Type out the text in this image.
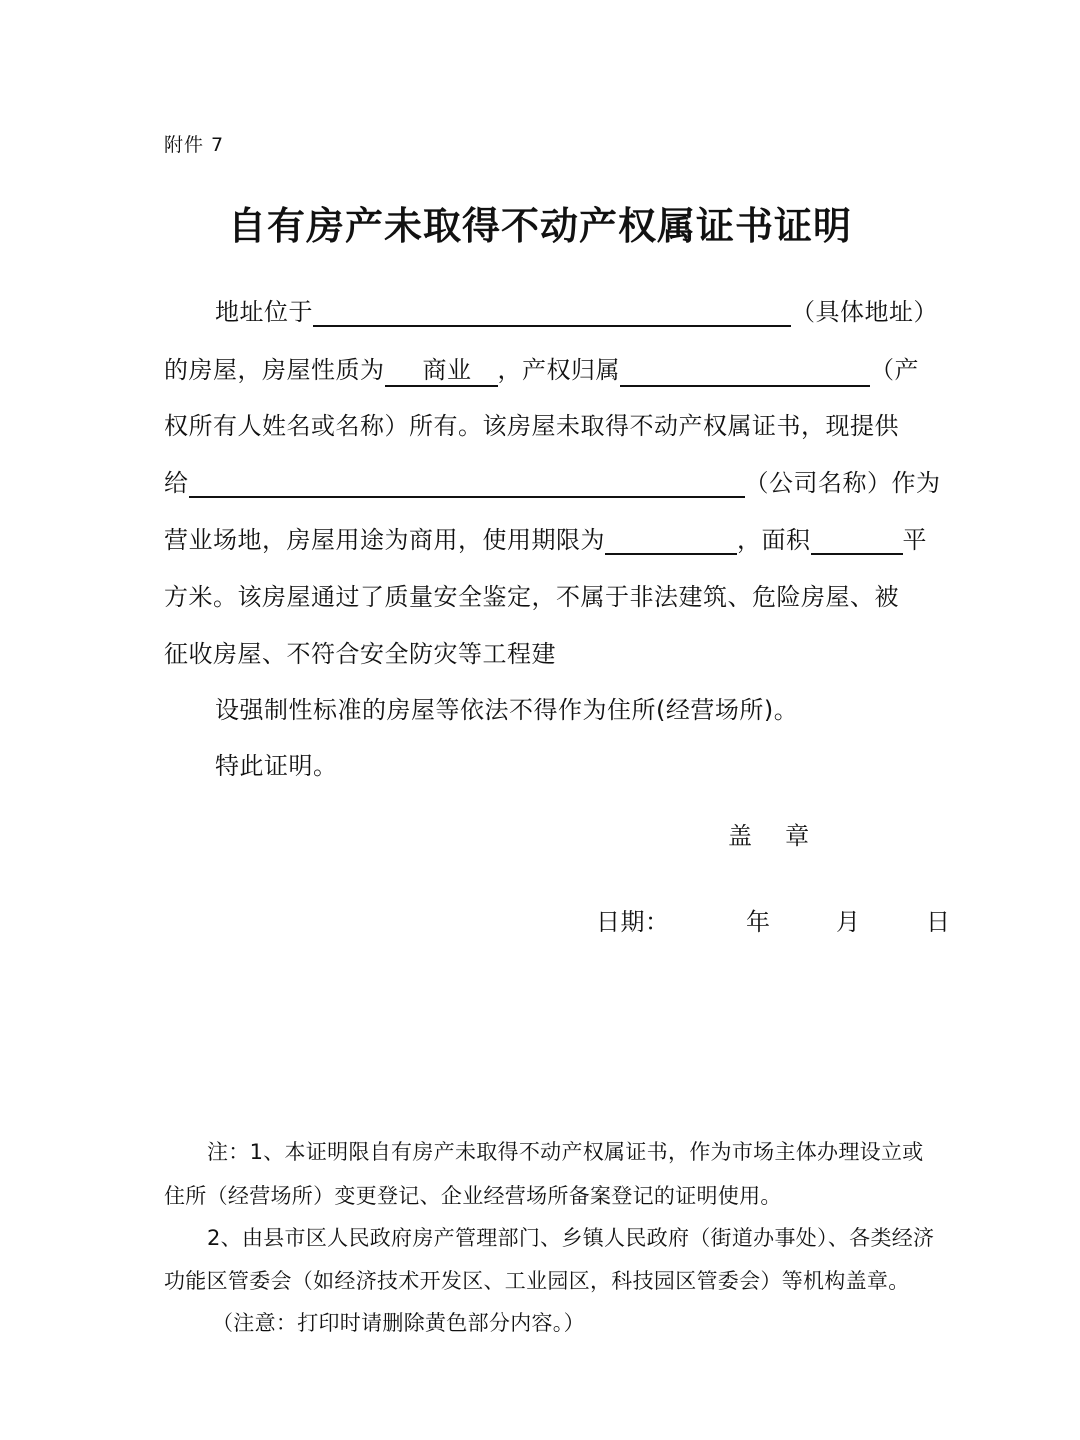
附件 7
自有房产未取得不动产权属证书证明
地址位于	（具体地址）
的房屋，房屋性质为 商业 ，产权归属	（产
权所有人姓名或名称）所有。该房屋未取得不动产权属证书，现提供
给	（公司名称）作为
营业场地，房屋用途为商用，使用期限为	，面积	平
方米。该房屋通过了质量安全鉴定，不属于非法建筑、危险房屋、被
征收房屋、不符合安全防灾等工程建
设强制性标准的房屋等依法不得作为住所(经营场所)。
特此证明。
盖　 章
日期：	年	月	日
注：1、本证明限自有房产未取得不动产权属证书，作为市场主体办理设立或
住所（经营场所）变更登记、企业经营场所备案登记的证明使用。
2、由县市区人民政府房产管理部门、乡镇人民政府（街道办事处）、各类经济
功能区管委会（如经济技术开发区、工业园区，科技园区管委会）等机构盖章。
（注意：打印时请删除黄色部分内容。）
